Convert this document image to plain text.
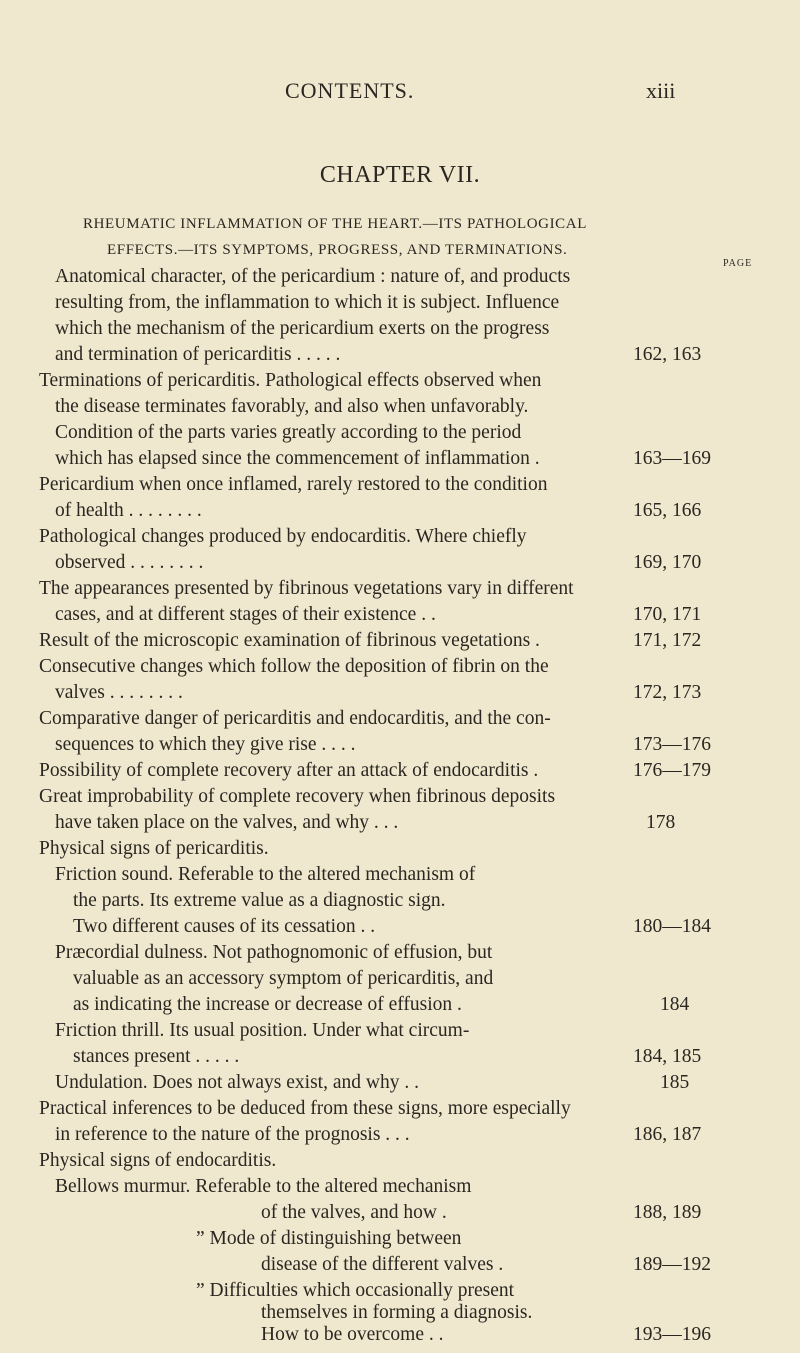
CONTENTS.	xiii
CHAPTER VII.
RHEUMATIC INFLAMMATION OF THE HEART.—ITS PATHOLOGICAL
EFFECTS.—ITS SYMPTOMS, PROGRESS, AND TERMINATIONS.
PAGE
Anatomical character, of the pericardium : nature of, and products
resulting from, the inflammation to which it is subject. Influence
which the mechanism of the pericardium exerts on the progress
and termination of pericarditis . . . . .	162, 163
Terminations of pericarditis. Pathological effects observed when
the disease terminates favorably, and also when unfavorably.
Condition of the parts varies greatly according to the period
which has elapsed since the commencement of inflammation .	163—169
Pericardium when once inflamed, rarely restored to the condition
of health . . . . . . . .	165, 166
Pathological changes produced by endocarditis. Where chiefly
observed . . . . . . . .	169, 170
The appearances presented by fibrinous vegetations vary in different
cases, and at different stages of their existence . .	170, 171
Result of the microscopic examination of fibrinous vegetations .	171, 172
Consecutive changes which follow the deposition of fibrin on the
valves . . . . . . . .	172, 173
Comparative danger of pericarditis and endocarditis, and the con-
sequences to which they give rise . . . .	173—176
Possibility of complete recovery after an attack of endocarditis .	176—179
Great improbability of complete recovery when fibrinous deposits
have taken place on the valves, and why . . .	178
Physical signs of pericarditis.
Friction sound. Referable to the altered mechanism of
the parts. Its extreme value as a diagnostic sign.
Two different causes of its cessation . .	180—184
Præcordial dulness. Not pathognomonic of effusion, but
valuable as an accessory symptom of pericarditis, and
as indicating the increase or decrease of effusion .	184
Friction thrill. Its usual position. Under what circum-
stances present . . . . .	184, 185
Undulation. Does not always exist, and why . .	185
Practical inferences to be deduced from these signs, more especially
in reference to the nature of the prognosis . . .	186, 187
Physical signs of endocarditis.
Bellows murmur. Referable to the altered mechanism
of the valves, and how .	188, 189
” Mode of distinguishing between
disease of the different valves .	189—192
” Difficulties which occasionally present
themselves in forming a diagnosis.
How to be overcome . .	193—196
